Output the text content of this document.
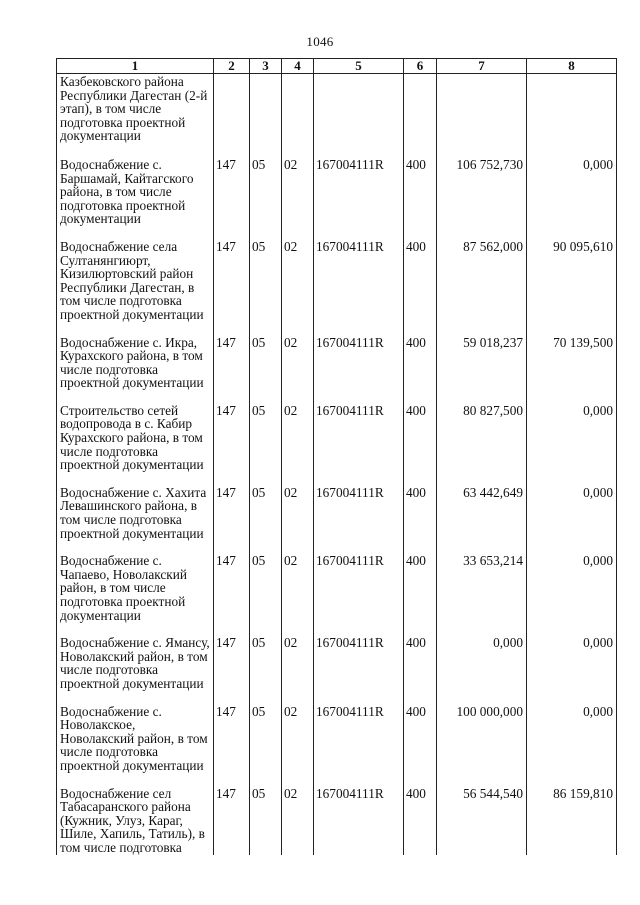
1046
1	2	3	4	5	6	7	8
Казбековского района Республики Дагестан (2-й этап), в том числе подготовка проектной документации							
Водоснабжение с. Баршамай, Кайтагского района, в том числе подготовка проектной документации	147	05	02	167004111R	400	106 752,730	0,000
Водоснабжение села Султанянгиюрт, Кизилюртовский район Республики Дагестан, в том числе подготовка проектной документации	147	05	02	167004111R	400	87 562,000	90 095,610
Водоснабжение с. Икра, Курахского района, в том числе подготовка проектной документации	147	05	02	167004111R	400	59 018,237	70 139,500
Строительство сетей водопровода в с. Кабир Курахского района, в том числе подготовка проектной документации	147	05	02	167004111R	400	80 827,500	0,000
Водоснабжение с. Хахита Левашинского района, в том числе подготовка проектной документации	147	05	02	167004111R	400	63 442,649	0,000
Водоснабжение с. Чапаево, Новолакский район, в том числе подготовка проектной документации	147	05	02	167004111R	400	33 653,214	0,000
Водоснабжение с. Ямансу, Новолакский район, в том числе подготовка проектной документации	147	05	02	167004111R	400	0,000	0,000
Водоснабжение с. Новолакское, Новолакский район, в том числе подготовка проектной документации	147	05	02	167004111R	400	100 000,000	0,000
Водоснабжение сел Табасаранского района (Кужник, Улуз, Караг, Шиле, Хапиль, Татиль), в том числе подготовка	147	05	02	167004111R	400	56 544,540	86 159,810
